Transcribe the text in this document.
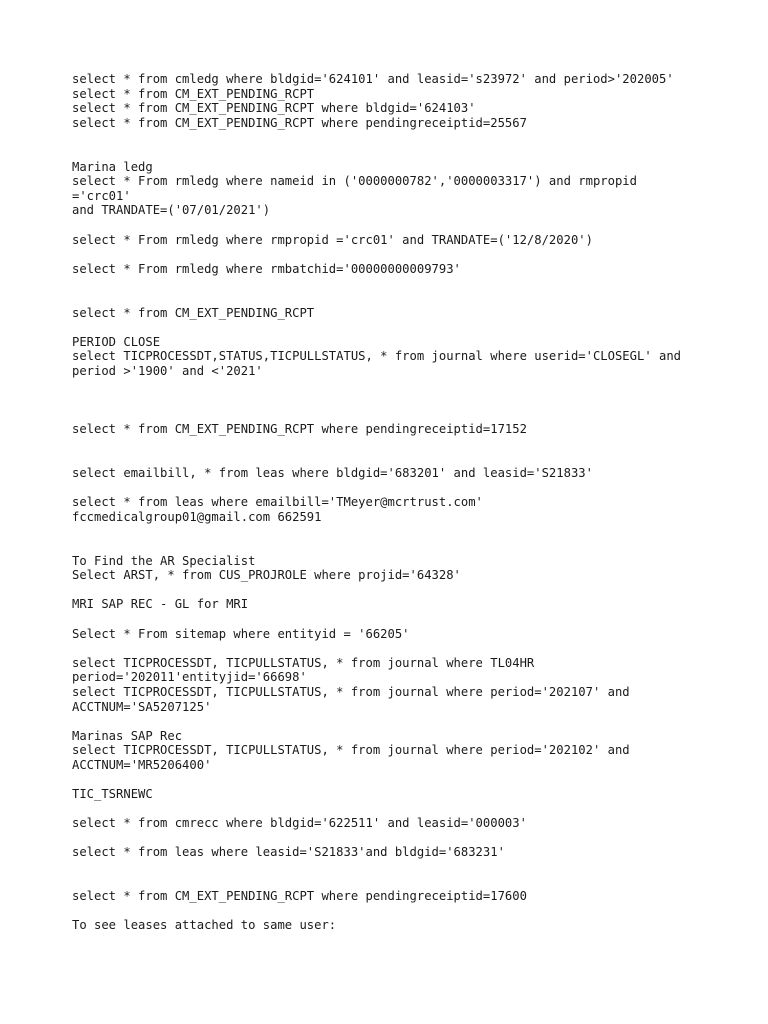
select * from cmledg where bldgid='624101' and leasid='s23972' and period>'202005'
select * from CM_EXT_PENDING_RCPT
select * from CM_EXT_PENDING_RCPT where bldgid='624103'
select * from CM_EXT_PENDING_RCPT where pendingreceiptid=25567
Marina ledg
select * From rmledg where nameid in ('0000000782','0000003317') and rmpropid
='crc01'
and TRANDATE=('07/01/2021')
select * From rmledg where rmpropid ='crc01' and TRANDATE=('12/8/2020')
select * From rmledg where rmbatchid='00000000009793'
select * from CM_EXT_PENDING_RCPT
PERIOD CLOSE
select TICPROCESSDT,STATUS,TICPULLSTATUS, * from journal where userid='CLOSEGL' and
period >'1900' and <'2021'
select * from CM_EXT_PENDING_RCPT where pendingreceiptid=17152
select emailbill, * from leas where bldgid='683201' and leasid='S21833'
select * from leas where emailbill='TMeyer@mcrtrust.com'
fccmedicalgroup01@gmail.com 662591
To Find the AR Specialist
Select ARST, * from CUS_PROJROLE where projid='64328'
MRI SAP REC - GL for MRI
Select * From sitemap where entityid = '66205'
select TICPROCESSDT, TICPULLSTATUS, * from journal where TL04HR
period='202011'entityjid='66698'
select TICPROCESSDT, TICPULLSTATUS, * from journal where period='202107' and
ACCTNUM='SA5207125'
Marinas SAP Rec
select TICPROCESSDT, TICPULLSTATUS, * from journal where period='202102' and
ACCTNUM='MR5206400'
TIC_TSRNEWC
select * from cmrecc where bldgid='622511' and leasid='000003'
select * from leas where leasid='S21833'and bldgid='683231'
select * from CM_EXT_PENDING_RCPT where pendingreceiptid=17600
To see leases attached to same user:
